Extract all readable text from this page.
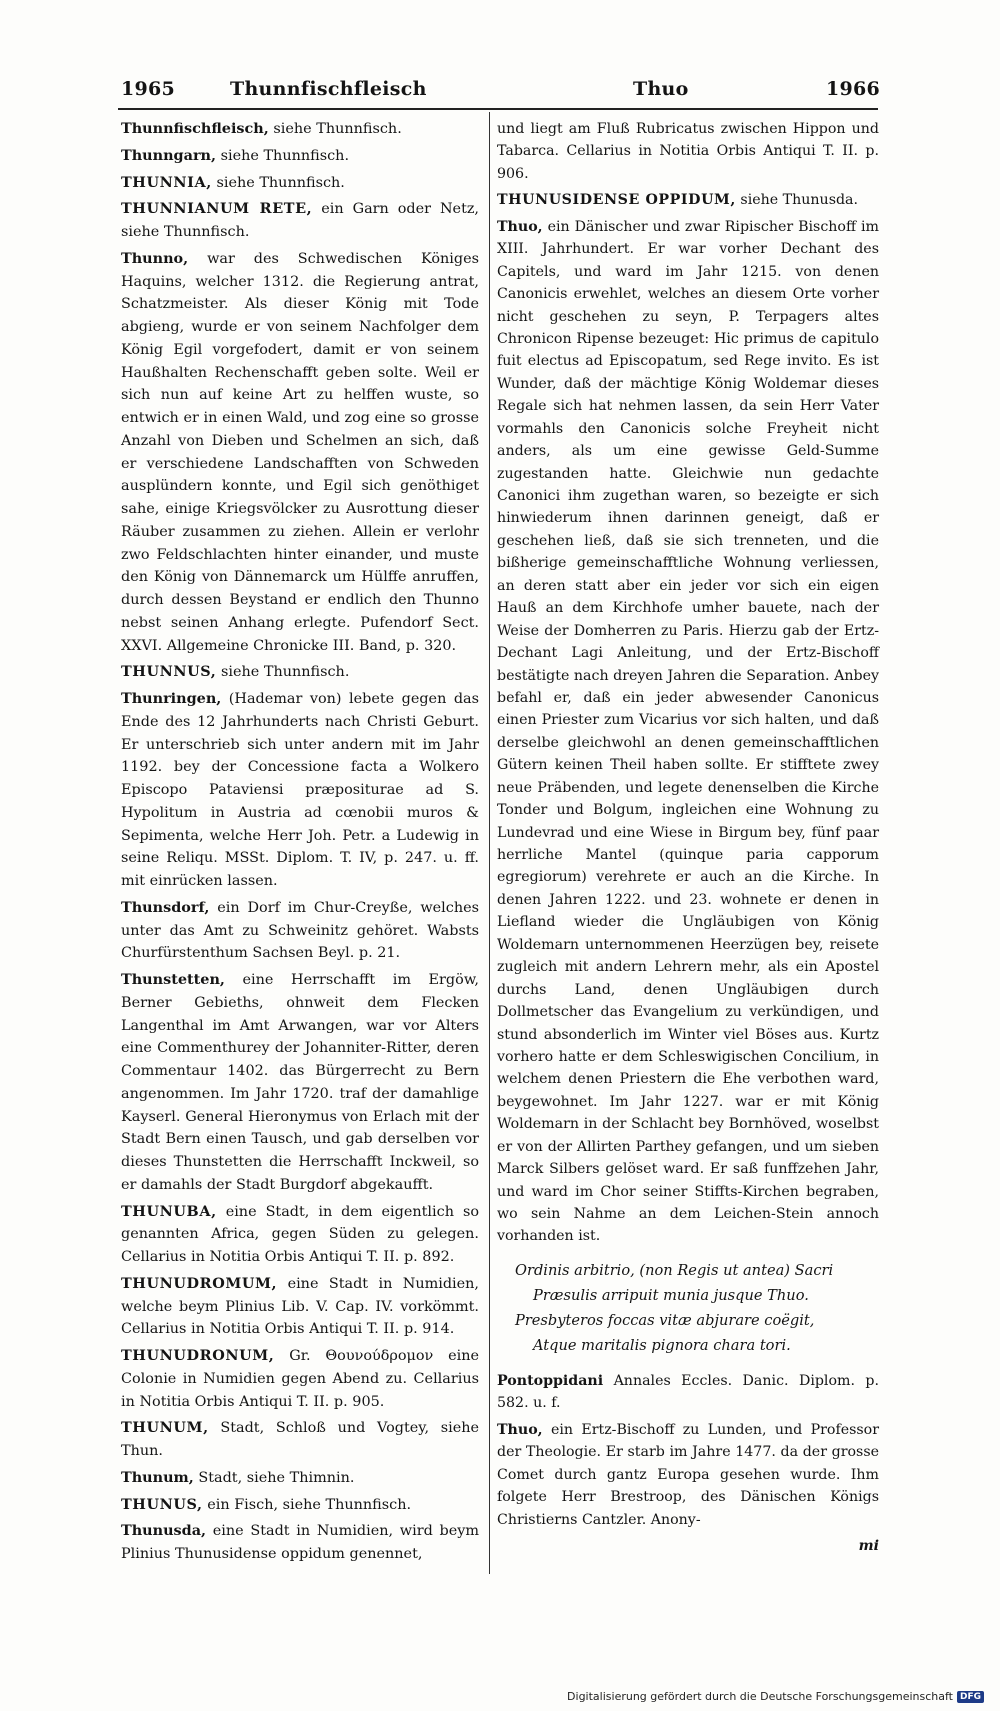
1965	Thunnfischfleisch	Thuo	1966

Thunnfischfleisch, siehe Thunnfisch.

Thunngarn, siehe Thunnfisch.

THUNNIA, siehe Thunnfisch.

THUNNIANUM RETE, ein Garn oder Netz, siehe Thunnfisch.

Thunno, war des Schwedischen Königes Haquins, welcher 1312. die Regierung antrat, Schatzmeister. Als dieser König mit Tode abgieng, wurde er von seinem Nachfolger dem König Egil vorgefodert, damit er von seinem Haußhalten Rechenschafft geben solte. Weil er sich nun auf keine Art zu helffen wuste, so entwich er in einen Wald, und zog eine so grosse Anzahl von Dieben und Schelmen an sich, daß er verschiedene Landschafften von Schweden ausplündern konnte, und Egil sich genöthiget sahe, einige Kriegsvölcker zu Ausrottung dieser Räuber zusammen zu ziehen. Allein er verlohr zwo Feldschlachten hinter einander, und muste den König von Dännemarck um Hülffe anruffen, durch dessen Beystand er endlich den Thunno nebst seinen Anhang erlegte. Pufendorf Sect. XXVI. Allgemeine Chronicke III. Band, p. 320.

THUNNUS, siehe Thunnfisch.

Thunringen, (Hademar von) lebete gegen das Ende des 12 Jahrhunderts nach Christi Geburt. Er unterschrieb sich unter andern mit im Jahr 1192. bey der Concessione facta a Wolkero Episcopo Pataviensi præpositurae ad S. Hypolitum in Austria ad cœnobii muros & Sepimenta, welche Herr Joh. Petr. a Ludewig in seine Reliqu. MSSt. Diplom. T. IV, p. 247. u. ff. mit einrücken lassen.

Thunsdorf, ein Dorf im Chur-Creyße, welches unter das Amt zu Schweinitz gehöret. Wabsts Churfürstenthum Sachsen Beyl. p. 21.

Thunstetten, eine Herrschafft im Ergöw, Berner Gebieths, ohnweit dem Flecken Langenthal im Amt Arwangen, war vor Alters eine Commenthurey der Johanniter-Ritter, deren Commentaur 1402. das Bürgerrecht zu Bern angenommen. Im Jahr 1720. traf der damahlige Kayserl. General Hieronymus von Erlach mit der Stadt Bern einen Tausch, und gab derselben vor dieses Thunstetten die Herrschafft Inckweil, so er damahls der Stadt Burgdorf abgekaufft.

THUNUBA, eine Stadt, in dem eigentlich so genannten Africa, gegen Süden zu gelegen. Cellarius in Notitia Orbis Antiqui T. II. p. 892.

THUNUDROMUM, eine Stadt in Numidien, welche beym Plinius Lib. V. Cap. IV. vorkömmt. Cellarius in Notitia Orbis Antiqui T. II. p. 914.

THUNUDRONUM, Gr. Θουνούδρομον eine Colonie in Numidien gegen Abend zu. Cellarius in Notitia Orbis Antiqui T. II. p. 905.

THUNUM, Stadt, Schloß und Vogtey, siehe Thun.

Thunum, Stadt, siehe Thimnin.

THUNUS, ein Fisch, siehe Thunnfisch.

Thunusda, eine Stadt in Numidien, wird beym Plinius Thunusidense oppidum genennet,

und liegt am Fluß Rubricatus zwischen Hippon und Tabarca. Cellarius in Notitia Orbis Antiqui T. II. p. 906.

THUNUSIDENSE OPPIDUM, siehe Thunusda.

Thuo, ein Dänischer und zwar Ripischer Bischoff im XIII. Jahrhundert. Er war vorher Dechant des Capitels, und ward im Jahr 1215. von denen Canonicis erwehlet, welches an diesem Orte vorher nicht geschehen zu seyn, P. Terpagers altes Chronicon Ripense bezeuget: Hic primus de capitulo fuit electus ad Episcopatum, sed Rege invito. Es ist Wunder, daß der mächtige König Woldemar dieses Regale sich hat nehmen lassen, da sein Herr Vater vormahls den Canonicis solche Freyheit nicht anders, als um eine gewisse Geld-Summe zugestanden hatte. Gleichwie nun gedachte Canonici ihm zugethan waren, so bezeigte er sich hinwiederum ihnen darinnen geneigt, daß er geschehen ließ, daß sie sich trenneten, und die bißherige gemeinschafftliche Wohnung verliessen, an deren statt aber ein jeder vor sich ein eigen Hauß an dem Kirchhofe umher bauete, nach der Weise der Domherren zu Paris. Hierzu gab der Ertz-Dechant Lagi Anleitung, und der Ertz-Bischoff bestätigte nach dreyen Jahren die Separation. Anbey befahl er, daß ein jeder abwesender Canonicus einen Priester zum Vicarius vor sich halten, und daß derselbe gleichwohl an denen gemeinschafftlichen Gütern keinen Theil haben sollte. Er stifftete zwey neue Präbenden, und legete denenselben die Kirche Tonder und Bolgum, ingleichen eine Wohnung zu Lundevrad und eine Wiese in Birgum bey, fünf paar herrliche Mantel (quinque paria capporum egregiorum) verehrete er auch an die Kirche. In denen Jahren 1222. und 23. wohnete er denen in Liefland wieder die Ungläubigen von König Woldemarn unternommenen Heerzügen bey, reisete zugleich mit andern Lehrern mehr, als ein Apostel durchs Land, denen Ungläubigen durch Dollmetscher das Evangelium zu verkündigen, und stund absonderlich im Winter viel Böses aus. Kurtz vorhero hatte er dem Schleswigischen Concilium, in welchem denen Priestern die Ehe verbothen ward, beygewohnet. Im Jahr 1227. war er mit König Woldemarn in der Schlacht bey Bornhöved, woselbst er von der Allirten Parthey gefangen, und um sieben Marck Silbers gelöset ward. Er saß funffzehen Jahr, und ward im Chor seiner Stiffts-Kirchen begraben, wo sein Nahme an dem Leichen-Stein annoch vorhanden ist.

Ordinis arbitrio, (non Regis ut antea) Sacri
Præsulis arripuit munia jusque Thuo.
Presbyteros foccas vitæ abjurare coëgit,
Atque maritalis pignora chara tori.

Pontoppidani Annales Eccles. Danic. Diplom. p. 582. u. f.

Thuo, ein Ertz-Bischoff zu Lunden, und Professor der Theologie. Er starb im Jahre 1477. da der grosse Comet durch gantz Europa gesehen wurde. Ihm folgete Herr Brestroop, des Dänischen Königs Christierns Cantzler. Anony-

mi
Digitalisierung gefördert durch die Deutsche Forschungsgemeinschaft DFG
